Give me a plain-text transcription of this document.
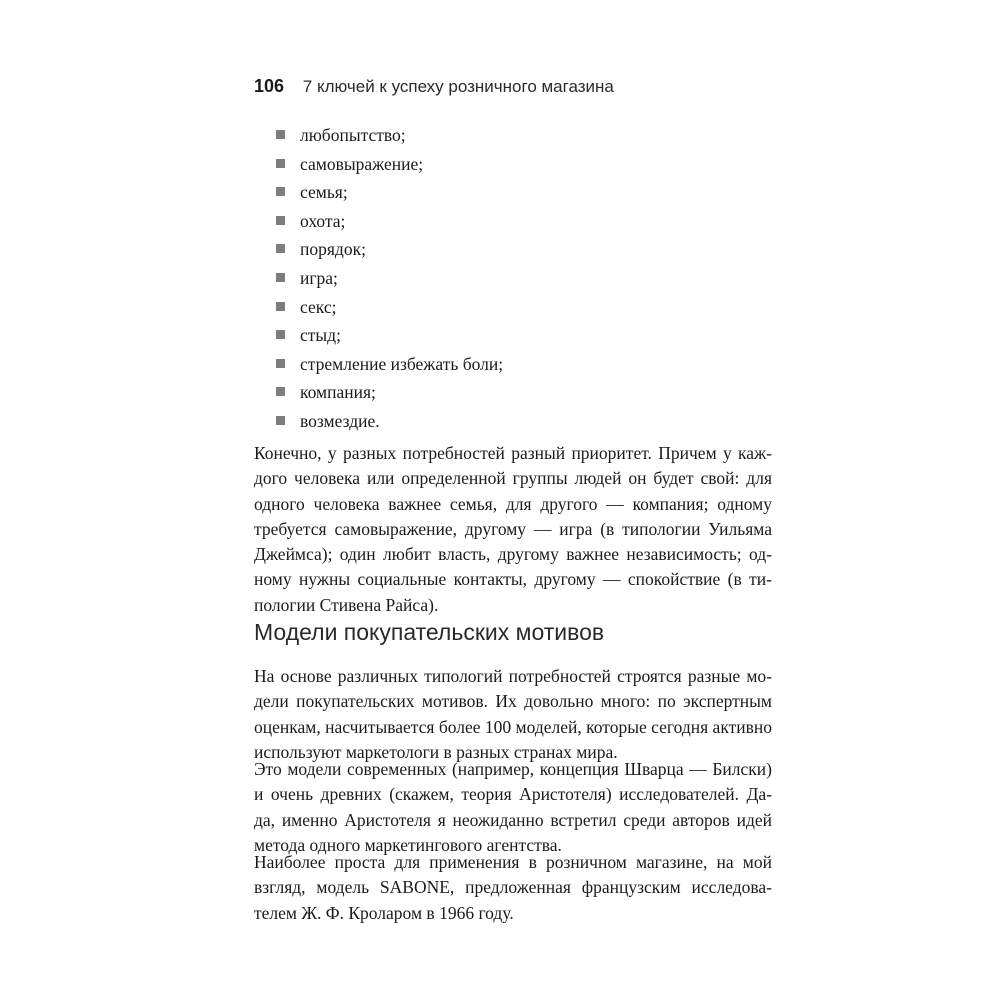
106 7 ключей к успеху розничного магазина
любопытство;
самовыражение;
семья;
охота;
порядок;
игра;
секс;
стыд;
стремление избежать боли;
компания;
возмездие.

Конечно, у разных потребностей разный приоритет. Причем у каж-
дого человека или определенной группы людей он будет свой: для
одного человека важнее семья, для другого — компания; одному
требуется самовыражение, другому — игра (в типологии Уильяма
Джеймса); один любит власть, другому важнее независимость; од-
ному нужны социальные контакты, другому — спокойствие (в ти-
пологии Стивена Райса).

Модели покупательских мотивов

На основе различных типологий потребностей строятся разные мо-
дели покупательских мотивов. Их довольно много: по экспертным
оценкам, насчитывается более 100 моделей, которые сегодня активно
используют маркетологи в разных странах мира.

Это модели современных (например, концепция Шварца — Билски)
и очень древних (скажем, теория Аристотеля) исследователей. Да-
да, именно Аристотеля я неожиданно встретил среди авторов идей
метода одного маркетингового агентства.

Наиболее проста для применения в розничном магазине, на мой
взгляд, модель SABONE, предложенная французским исследова-
телем Ж. Ф. Кроларом в 1966 году.
